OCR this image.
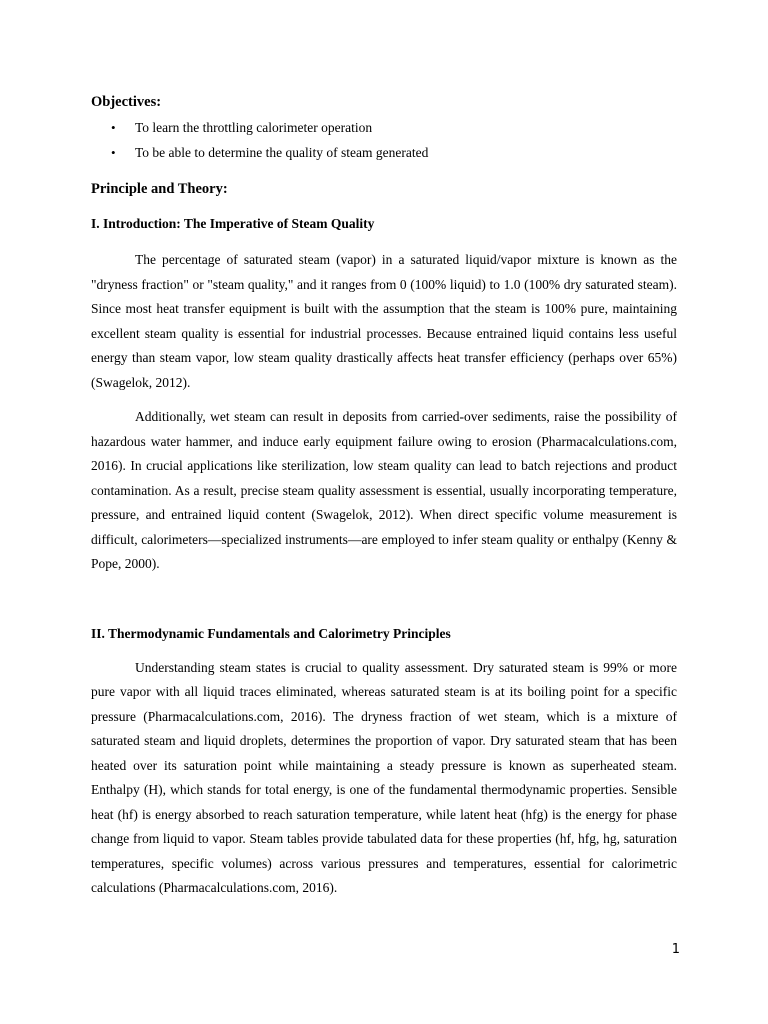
Objectives:
• To learn the throttling calorimeter operation
• To be able to determine the quality of steam generated
Principle and Theory:
I. Introduction: The Imperative of Steam Quality

The percentage of saturated steam (vapor) in a saturated liquid/vapor mixture is known as the "dryness fraction" or "steam quality," and it ranges from 0 (100% liquid) to 1.0 (100% dry saturated steam). Since most heat transfer equipment is built with the assumption that the steam is 100% pure, maintaining excellent steam quality is essential for industrial processes. Because entrained liquid contains less useful energy than steam vapor, low steam quality drastically affects heat transfer efficiency (perhaps over 65%) (Swagelok, 2012).

Additionally, wet steam can result in deposits from carried-over sediments, raise the possibility of hazardous water hammer, and induce early equipment failure owing to erosion (Pharmacalculations.com, 2016). In crucial applications like sterilization, low steam quality can lead to batch rejections and product contamination. As a result, precise steam quality assessment is essential, usually incorporating temperature, pressure, and entrained liquid content (Swagelok, 2012). When direct specific volume measurement is difficult, calorimeters—specialized instruments—are employed to infer steam quality or enthalpy (Kenny & Pope, 2000).

II. Thermodynamic Fundamentals and Calorimetry Principles

Understanding steam states is crucial to quality assessment. Dry saturated steam is 99% or more pure vapor with all liquid traces eliminated, whereas saturated steam is at its boiling point for a specific pressure (Pharmacalculations.com, 2016). The dryness fraction of wet steam, which is a mixture of saturated steam and liquid droplets, determines the proportion of vapor. Dry saturated steam that has been heated over its saturation point while maintaining a steady pressure is known as superheated steam. Enthalpy (H), which stands for total energy, is one of the fundamental thermodynamic properties. Sensible heat (hf) is energy absorbed to reach saturation temperature, while latent heat (hfg) is the energy for phase change from liquid to vapor. Steam tables provide tabulated data for these properties (hf, hfg, hg, saturation temperatures, specific volumes) across various pressures and temperatures, essential for calorimetric calculations (Pharmacalculations.com, 2016).

1
